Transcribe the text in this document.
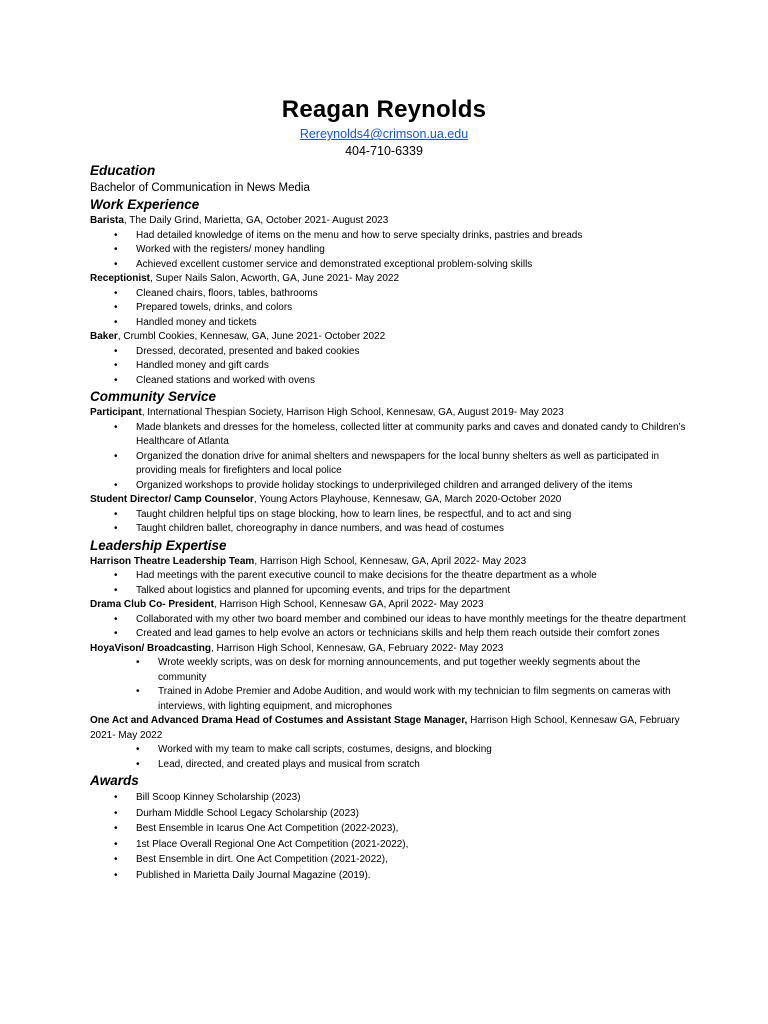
Reagan Reynolds
Rereynolds4@crimson.ua.edu
404-710-6339
Education
Bachelor of Communication in News Media
Work Experience
Barista, The Daily Grind, Marietta, GA, October 2021- August 2023
• Had detailed knowledge of items on the menu and how to serve specialty drinks, pastries and breads
• Worked with the registers/ money handling
• Achieved excellent customer service and demonstrated exceptional problem-solving skills
Receptionist, Super Nails Salon, Acworth, GA, June 2021- May 2022
• Cleaned chairs, floors, tables, bathrooms
• Prepared towels, drinks, and colors
• Handled money and tickets
Baker, Crumbl Cookies, Kennesaw, GA, June 2021- October 2022
• Dressed, decorated, presented and baked cookies
• Handled money and gift cards
• Cleaned stations and worked with ovens
Community Service
Participant, International Thespian Society, Harrison High School, Kennesaw, GA, August 2019- May 2023
• Made blankets and dresses for the homeless, collected litter at community parks and caves and donated candy to Children’s Healthcare of Atlanta
• Organized the donation drive for animal shelters and newspapers for the local bunny shelters as well as participated in providing meals for firefighters and local police
• Organized workshops to provide holiday stockings to underprivileged children and arranged delivery of the items
Student Director/ Camp Counselor, Young Actors Playhouse, Kennesaw, GA, March 2020-October 2020
• Taught children helpful tips on stage blocking, how to learn lines, be respectful, and to act and sing
• Taught children ballet, choreography in dance numbers, and was head of costumes
Leadership Expertise
Harrison Theatre Leadership Team, Harrison High School, Kennesaw, GA, April 2022- May 2023
• Had meetings with the parent executive council to make decisions for the theatre department as a whole
• Talked about logistics and planned for upcoming events, and trips for the department
Drama Club Co- President, Harrison High School, Kennesaw GA, April 2022- May 2023
• Collaborated with my other two board member and combined our ideas to have monthly meetings for the theatre department
• Created and lead games to help evolve an actors or technicians skills and help them reach outside their comfort zones
HoyaVison/ Broadcasting, Harrison High School, Kennesaw, GA, February 2022- May 2023
• Wrote weekly scripts, was on desk for morning announcements, and put together weekly segments about the community
• Trained in Adobe Premier and Adobe Audition, and would work with my technician to film segments on cameras with interviews, with lighting equipment, and microphones
One Act and Advanced Drama Head of Costumes and Assistant Stage Manager, Harrison High School, Kennesaw GA, February 2021- May 2022
• Worked with my team to make call scripts, costumes, designs, and blocking
• Lead, directed, and created plays and musical from scratch
Awards
• Bill Scoop Kinney Scholarship (2023)
• Durham Middle School Legacy Scholarship (2023)
• Best Ensemble in Icarus One Act Competition (2022-2023),
• 1st Place Overall Regional One Act Competition (2021-2022),
• Best Ensemble in dirt. One Act Competition (2021-2022),
• Published in Marietta Daily Journal Magazine (2019).
